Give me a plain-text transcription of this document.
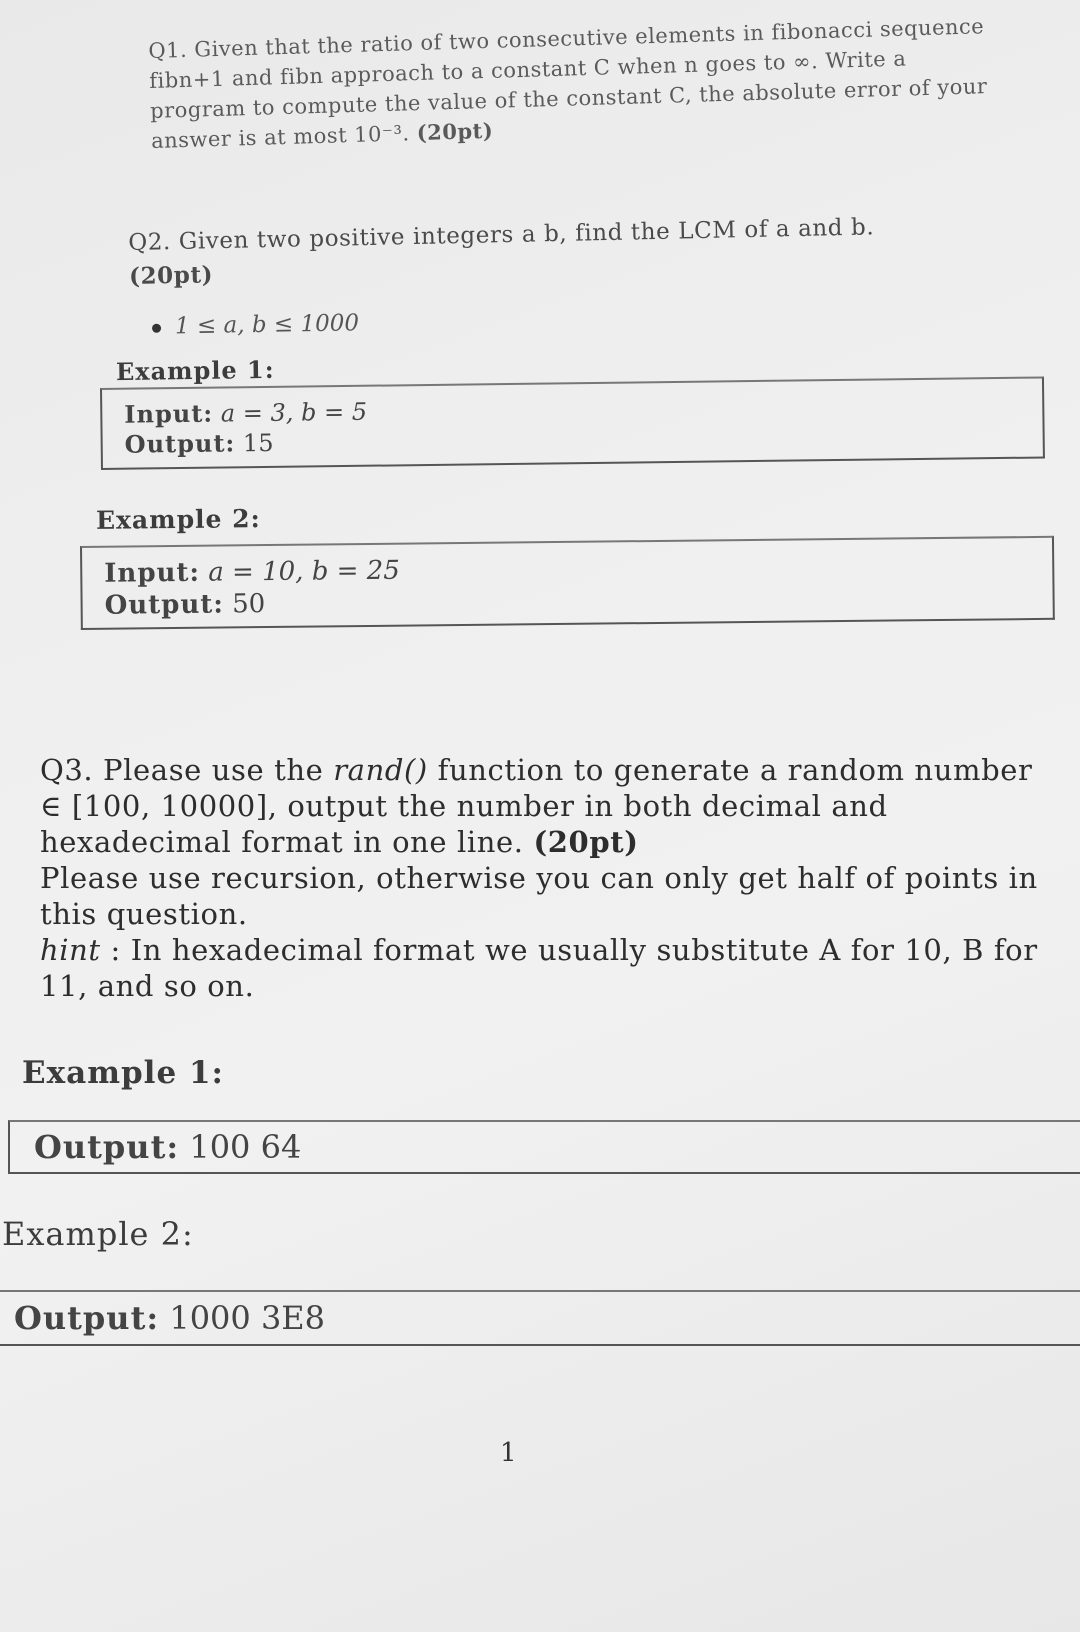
Q1. Given that the ratio of two consecutive elements in fibonacci sequence fibn+1 and fibn approach to a constant C when n goes to ∞. Write a program to compute the value of the constant C, the absolute error of your answer is at most 10⁻³. (20pt)
Q2. Given two positive integers a b, find the LCM of a and b.
(20pt)
1 ≤ a, b ≤ 1000
Example 1:
Input: a = 3, b = 5
Output: 15
Example 2:
Input: a = 10, b = 25
Output: 50

Q3. Please use the rand() function to generate a random number ∈ [100, 10000], output the number in both decimal and hexadecimal format in one line. (20pt)

Please use recursion, otherwise you can only get half of points in this question.

hint : In hexadecimal format we usually substitute A for 10, B for 11, and so on.

Example 1:
Output: 100 64
Example 2:
Output: 1000 3E8
1
